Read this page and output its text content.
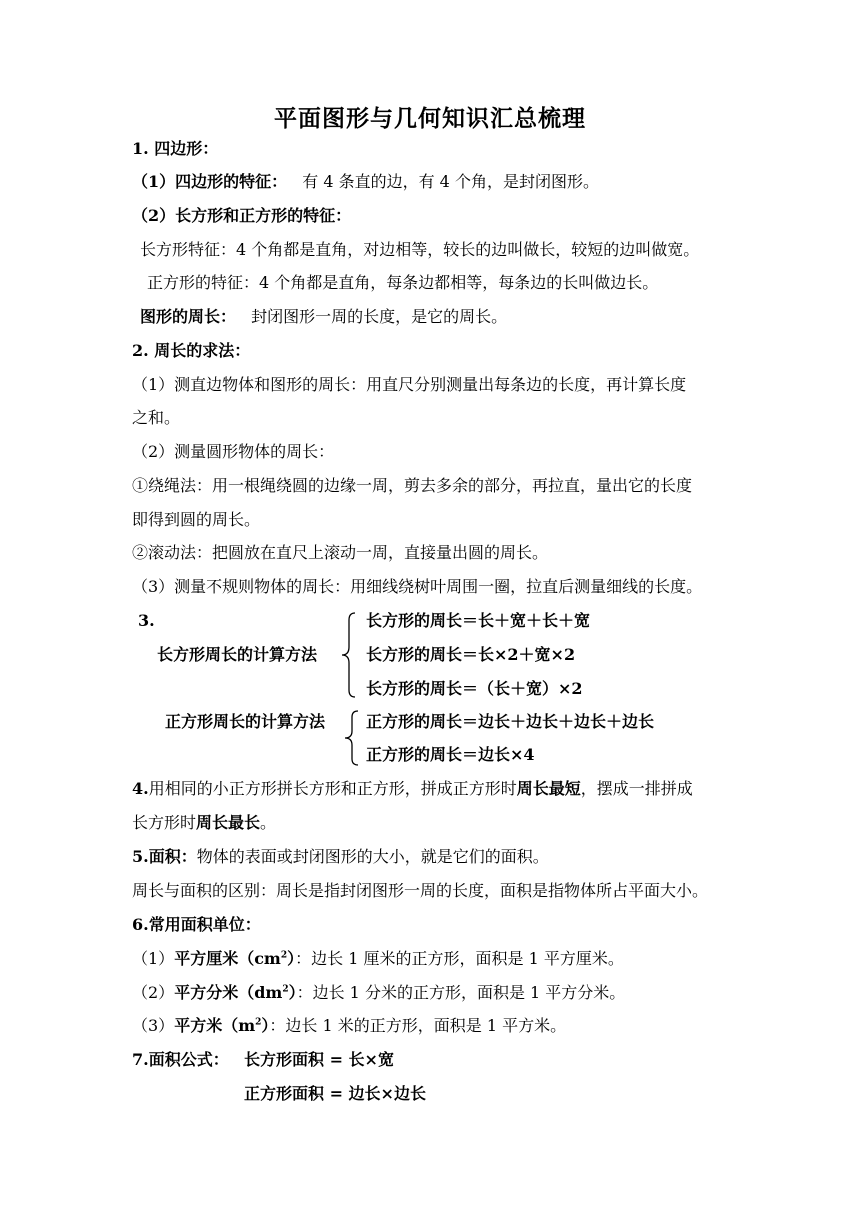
平面图形与几何知识汇总梳理
1. 四边形：
（1）四边形的特征： 有 4 条直的边，有 4 个角，是封闭图形。
（2）长方形和正方形的特征：
长方形特征：4 个角都是直角，对边相等，较长的边叫做长，较短的边叫做宽。
正方形的特征：4 个角都是直角，每条边都相等，每条边的长叫做边长。
图形的周长： 封闭图形一周的长度，是它的周长。
2. 周长的求法：
（1）测直边物体和图形的周长：用直尺分别测量出每条边的长度，再计算长度
之和。
（2）测量圆形物体的周长：
①绕绳法：用一根绳绕圆的边缘一周，剪去多余的部分，再拉直，量出它的长度
即得到圆的周长。
②滚动法：把圆放在直尺上滚动一周，直接量出圆的周长。
（3）测量不规则物体的周长：用细线绕树叶周围一圈，拉直后测量细线的长度。
3.
长方形周长的计算方法
长方形的周长＝长＋宽＋长＋宽
长方形的周长＝长×2＋宽×2
长方形的周长＝（长＋宽）×2
正方形周长的计算方法	正方形的周长＝边长＋边长＋边长＋边长
正方形的周长＝边长×4
4.用相同的小正方形拼长方形和正方形，拼成正方形时周长最短，摆成一排拼成
长方形时周长最长。
5.面积：物体的表面或封闭图形的大小，就是它们的面积。
周长与面积的区别：周长是指封闭图形一周的长度，面积是指物体所占平面大小。
6.常用面积单位：
（1）平方厘米$(cm^2)$：边长 1 厘米的正方形，面积是 1 平方厘米。
（2）平方分米$(dm^2)$：边长 1 分米的正方形，面积是 1 平方分米。
（3）平方米$(m^2)$：边长 1 米的正方形，面积是 1 平方米。
7.面积公式： 长方形面积 = 长×宽
正方形面积 = 边长×边长
